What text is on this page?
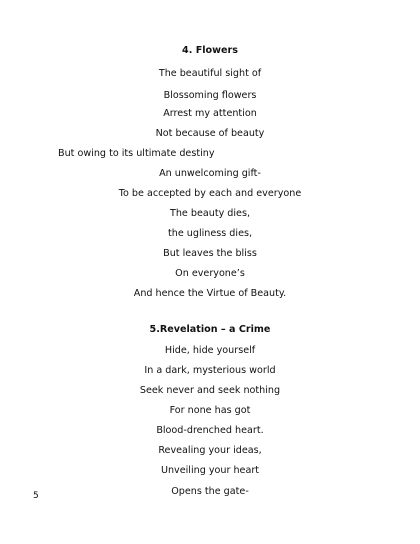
4. Flowers
The beautiful sight of
Blossoming flowers
Arrest my attention
Not because of beauty
But owing to its ultimate destiny
An unwelcoming gift-
To be accepted by each and everyone
The beauty dies,
the ugliness dies,
But leaves the bliss
On everyone’s
And hence the Virtue of Beauty.
5.Revelation – a Crime
Hide, hide yourself
In a dark, mysterious world
Seek never and seek nothing
For none has got
Blood-drenched heart.
Revealing your ideas,
Unveiling your heart
Opens the gate-
5
